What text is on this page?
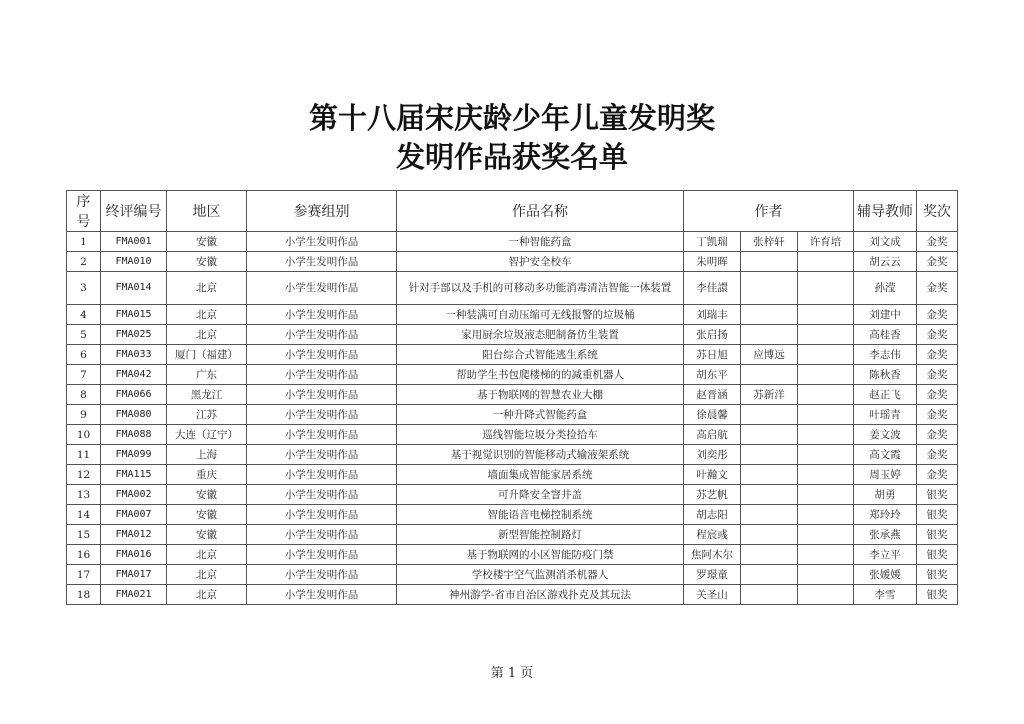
第十八届宋庆龄少年儿童发明奖
发明作品获奖名单
序号	终评编号	地区	参赛组别	作品名称	作者			辅导教师	奖次
1	FMA001	安徽	小学生发明作品	一种智能药盒	丁凯瑞	张梓轩	许育培	刘文成	金奖
2	FMA010	安徽	小学生发明作品	智护安全校车	朱明晖			胡云云	金奖
3	FMA014	北京	小学生发明作品	针对手部以及手机的可移动多功能消毒清洁智能一体装置	李佳譞			孙滢	金奖
4	FMA015	北京	小学生发明作品	一种装满可自动压缩可无线报警的垃圾桶	刘瑞丰			刘建中	金奖
5	FMA025	北京	小学生发明作品	家用厨余垃圾液态肥制备仿生装置	张启扬			高桂香	金奖
6	FMA033	厦门（福建）	小学生发明作品	阳台综合式智能逃生系统	苏日旭	应博远		李志伟	金奖
7	FMA042	广东	小学生发明作品	帮助学生书包爬楼梯的的减重机器人	胡东平			陈秋香	金奖
8	FMA066	黑龙江	小学生发明作品	基于物联网的智慧农业大棚	赵晋涵	苏新洋		赵正飞	金奖
9	FMA080	江苏	小学生发明作品	一种升降式智能药盒	徐晨馨			叶瑶青	金奖
10	FMA088	大连（辽宁）	小学生发明作品	巡线智能垃圾分类捡拾车	高启航			姜文波	金奖
11	FMA099	上海	小学生发明作品	基于视觉识别的智能移动式输液架系统	刘奕彤			高文霞	金奖
12	FMA115	重庆	小学生发明作品	墙面集成智能家居系统	叶瀚文			周玉婷	金奖
13	FMA002	安徽	小学生发明作品	可升降安全窨井盖	苏艺帆			胡勇	银奖
14	FMA007	安徽	小学生发明作品	智能语音电梯控制系统	胡志阳			郑玲玲	银奖
15	FMA012	安徽	小学生发明作品	新型智能控制路灯	程宸彧			张承燕	银奖
16	FMA016	北京	小学生发明作品	基于物联网的小区智能防疫门禁	焦阿木尔			李立平	银奖
17	FMA017	北京	小学生发明作品	学校楼宇空气监测消杀机器人	罗璟童			张媛媛	银奖
18	FMA021	北京	小学生发明作品	神州游学-省市自治区游戏扑克及其玩法	关圣山			李雪	银奖
第 1 页
